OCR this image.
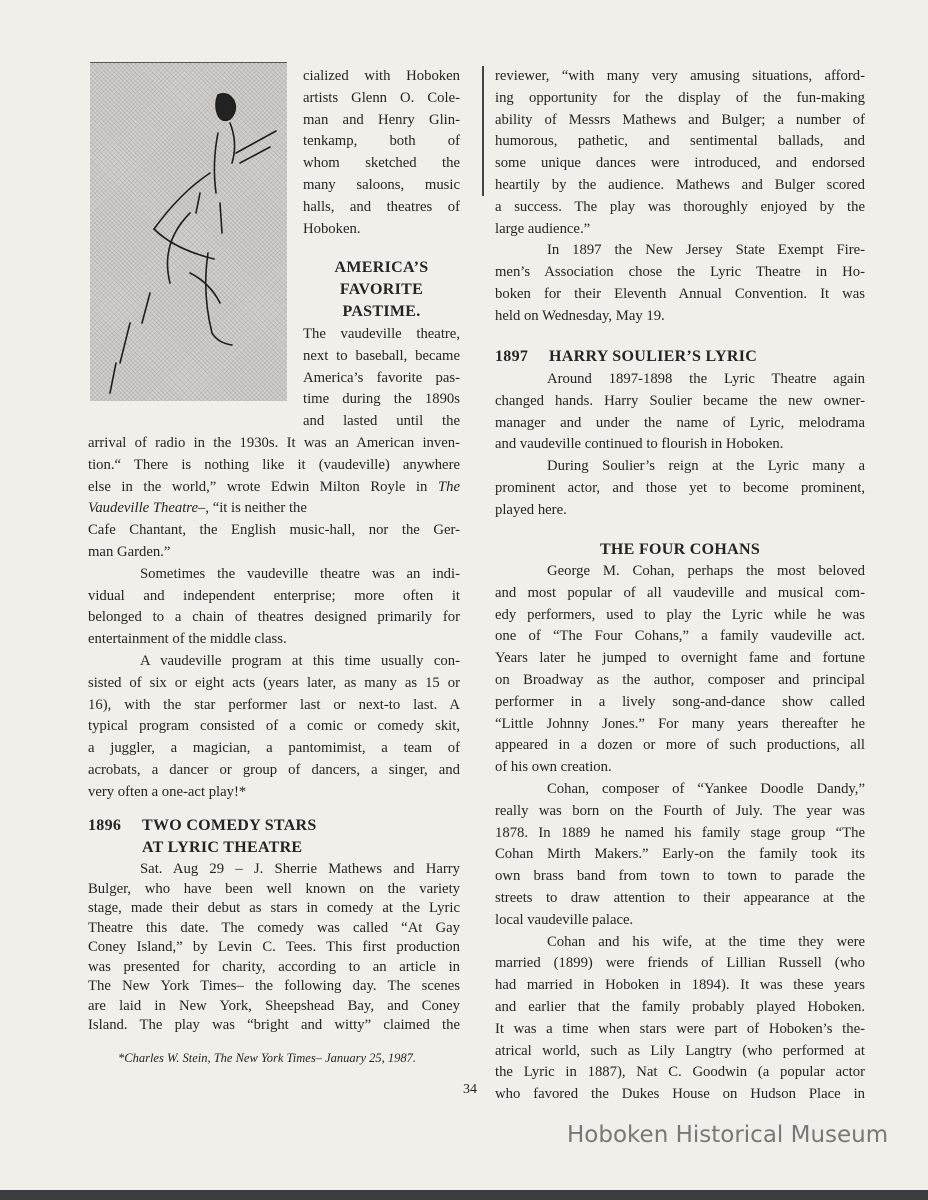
cialized with Hoboken
artists Glenn O. Cole-
man and Henry Glin-
tenkamp, both of
whom sketched the
many saloons, music
halls, and theatres of
Hoboken.
AMERICA’S
FAVORITE
PASTIME.
The vaudeville theatre,
next to baseball, became
America’s favorite pas-
time during the 1890s
and lasted until the
arrival of radio in the 1930s. It was an American inven-
tion.“ There is nothing like it (vaudeville) anywhere
else in the world,” wrote Edwin Milton Royle in The
Vaudeville Theatre–, “it is neither the
Cafe Chantant, the English music-hall, nor the Ger-
man Garden.”
Sometimes the vaudeville theatre was an indi-
vidual and independent enterprise; more often it
belonged to a chain of theatres designed primarily for
entertainment of the middle class.
A vaudeville program at this time usually con-
sisted of six or eight acts (years later, as many as 15 or
16), with the star performer last or next-to last. A
typical program consisted of a comic or comedy skit,
a juggler, a magician, a pantomimist, a team of
acrobats, a dancer or group of dancers, a singer, and
very often a one-act play!*
1896 TWO COMEDY STARS
AT LYRIC THEATRE
Sat. Aug 29 – J. Sherrie Mathews and Harry
Bulger, who have been well known on the variety
stage, made their debut as stars in comedy at the Lyric
Theatre this date. The comedy was called “At Gay
Coney Island,” by Levin C. Tees. This first production
was presented for charity, according to an article in
The New York Times– the following day. The scenes
are laid in New York, Sheepshead Bay, and Coney
Island. The play was “bright and witty” claimed the
*Charles W. Stein, The New York Times– January 25, 1987.
reviewer, “with many very amusing situations, afford-
ing opportunity for the display of the fun-making
ability of Messrs Mathews and Bulger; a number of
humorous, pathetic, and sentimental ballads, and
some unique dances were introduced, and endorsed
heartily by the audience. Mathews and Bulger scored
a success. The play was thoroughly enjoyed by the
large audience.”
In 1897 the New Jersey State Exempt Fire-
men’s Association chose the Lyric Theatre in Ho-
boken for their Eleventh Annual Convention. It was
held on Wednesday, May 19.
1897 HARRY SOULIER’S LYRIC
Around 1897-1898 the Lyric Theatre again
changed hands. Harry Soulier became the new owner-
manager and under the name of Lyric, melodrama
and vaudeville continued to flourish in Hoboken.
During Soulier’s reign at the Lyric many a
prominent actor, and those yet to become prominent,
played here.
THE FOUR COHANS
George M. Cohan, perhaps the most beloved
and most popular of all vaudeville and musical com-
edy performers, used to play the Lyric while he was
one of “The Four Cohans,” a family vaudeville act.
Years later he jumped to overnight fame and fortune
on Broadway as the author, composer and principal
performer in a lively song-and-dance show called
“Little Johnny Jones.” For many years thereafter he
appeared in a dozen or more of such productions, all
of his own creation.
Cohan, composer of “Yankee Doodle Dandy,”
really was born on the Fourth of July. The year was
1878. In 1889 he named his family stage group “The
Cohan Mirth Makers.” Early-on the family took its
own brass band from town to town to parade the
streets to draw attention to their appearance at the
local vaudeville palace.
Cohan and his wife, at the time they were
married (1899) were friends of Lillian Russell (who
had married in Hoboken in 1894). It was these years
and earlier that the family probably played Hoboken.
It was a time when stars were part of Hoboken’s the-
atrical world, such as Lily Langtry (who performed at
the Lyric in 1887), Nat C. Goodwin (a popular actor
who favored the Dukes House on Hudson Place in
34
Hoboken Historical Museum
